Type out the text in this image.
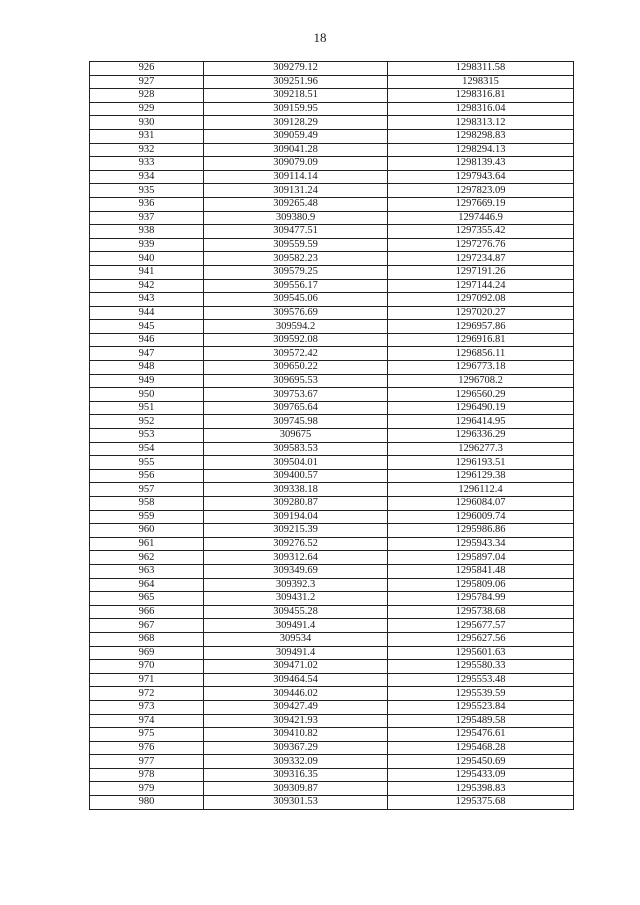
18
926	309279.12	1298311.58
927	309251.96	1298315
928	309218.51	1298316.81
929	309159.95	1298316.04
930	309128.29	1298313.12
931	309059.49	1298298.83
932	309041.28	1298294.13
933	309079.09	1298139.43
934	309114.14	1297943.64
935	309131.24	1297823.09
936	309265.48	1297669.19
937	309380.9	1297446.9
938	309477.51	1297355.42
939	309559.59	1297276.76
940	309582.23	1297234.87
941	309579.25	1297191.26
942	309556.17	1297144.24
943	309545.06	1297092.08
944	309576.69	1297020.27
945	309594.2	1296957.86
946	309592.08	1296916.81
947	309572.42	1296856.11
948	309650.22	1296773.18
949	309695.53	1296708.2
950	309753.67	1296560.29
951	309765.64	1296490.19
952	309745.98	1296414.95
953	309675	1296336.29
954	309583.53	1296277.3
955	309504.01	1296193.51
956	309400.57	1296129.38
957	309338.18	1296112.4
958	309280.87	1296084.07
959	309194.04	1296009.74
960	309215.39	1295986.86
961	309276.52	1295943.34
962	309312.64	1295897.04
963	309349.69	1295841.48
964	309392.3	1295809.06
965	309431.2	1295784.99
966	309455.28	1295738.68
967	309491.4	1295677.57
968	309534	1295627.56
969	309491.4	1295601.63
970	309471.02	1295580.33
971	309464.54	1295553.48
972	309446.02	1295539.59
973	309427.49	1295523.84
974	309421.93	1295489.58
975	309410.82	1295476.61
976	309367.29	1295468.28
977	309332.09	1295450.69
978	309316.35	1295433.09
979	309309.87	1295398.83
980	309301.53	1295375.68
